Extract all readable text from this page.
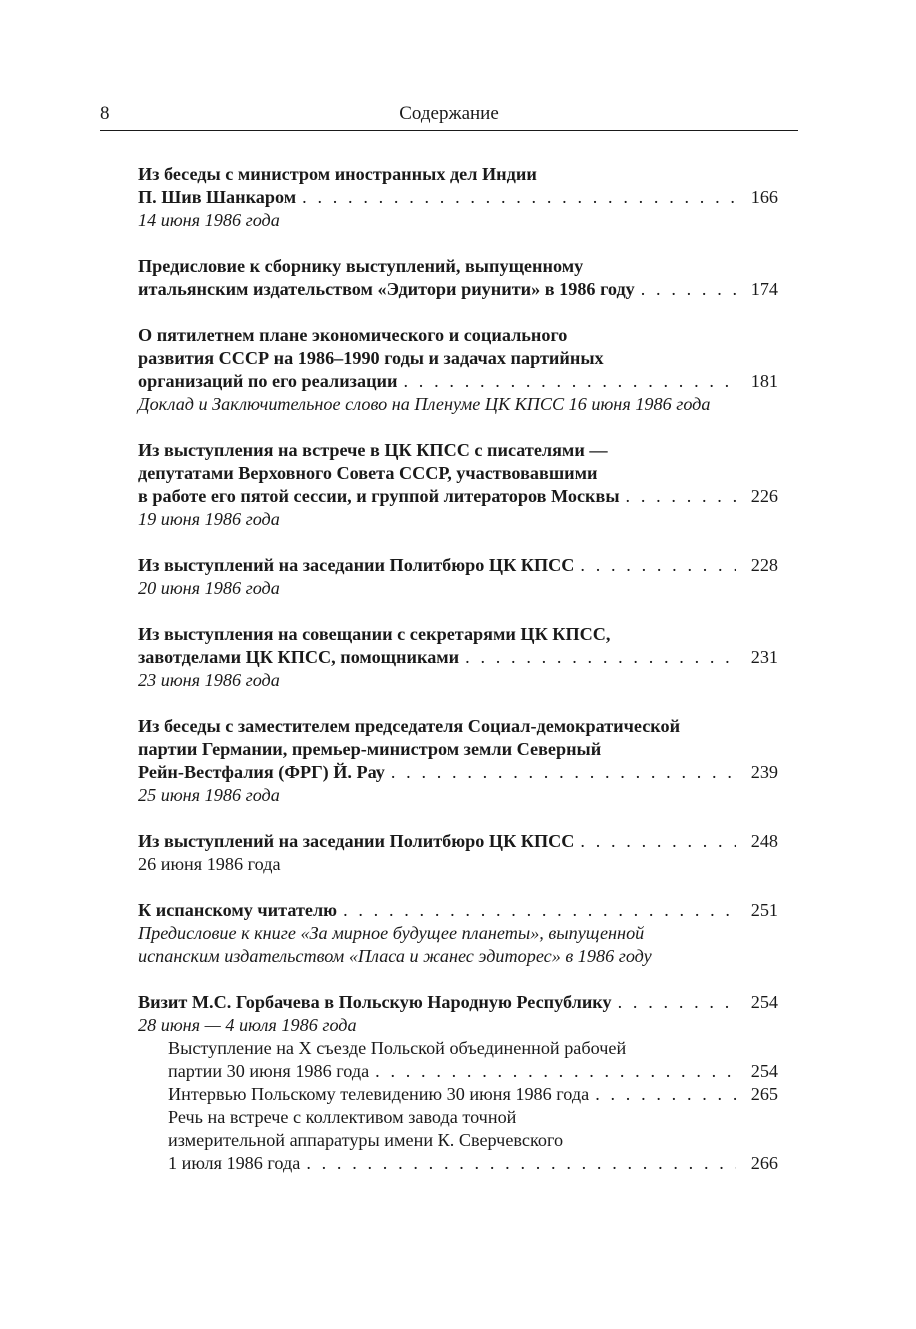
8	Содержание
Из беседы с министром иностранных дел Индии
П. Шив Шанкаром . . .	166
14 июня 1986 года
Предисловие к сборнику выступлений, выпущенному
итальянским издательством «Эдитори риунити» в 1986 году . . .	174
О пятилетнем плане экономического и социального
развития СССР на 1986–1990 годы и задачах партийных
организаций по его реализации . . .	181
Доклад и Заключительное слово на Пленуме ЦК КПСС 16 июня 1986 года
Из выступления на встрече в ЦК КПСС с писателями —
депутатами Верховного Совета СССР, участвовавшими
в работе его пятой сессии, и группой литераторов Москвы . . .	226
19 июня 1986 года
Из выступлений на заседании Политбюро ЦК КПСС . . .	228
20 июня 1986 года
Из выступления на совещании с секретарями ЦК КПСС,
завотделами ЦК КПСС, помощниками . . .	231
23 июня 1986 года
Из беседы с заместителем председателя Социал-демократической
партии Германии, премьер-министром земли Северный
Рейн-Вестфалия (ФРГ) Й. Рау . . .	239
25 июня 1986 года
Из выступлений на заседании Политбюро ЦК КПСС . . .	248
26 июня 1986 года
К испанскому читателю . . .	251
Предисловие к книге «За мирное будущее планеты», выпущенной
испанским издательством «Пласа и жанес эдиторес» в 1986 году
Визит М.С. Горбачева в Польскую Народную Республику . . .	254
28 июня — 4 июля 1986 года
Выступление на X съезде Польской объединенной рабочей
партии 30 июня 1986 года . . .	254
Интервью Польскому телевидению 30 июня 1986 года . . .	265
Речь на встрече с коллективом завода точной
измерительной аппаратуры имени К. Сверчевского
1 июля 1986 года . . .	266
